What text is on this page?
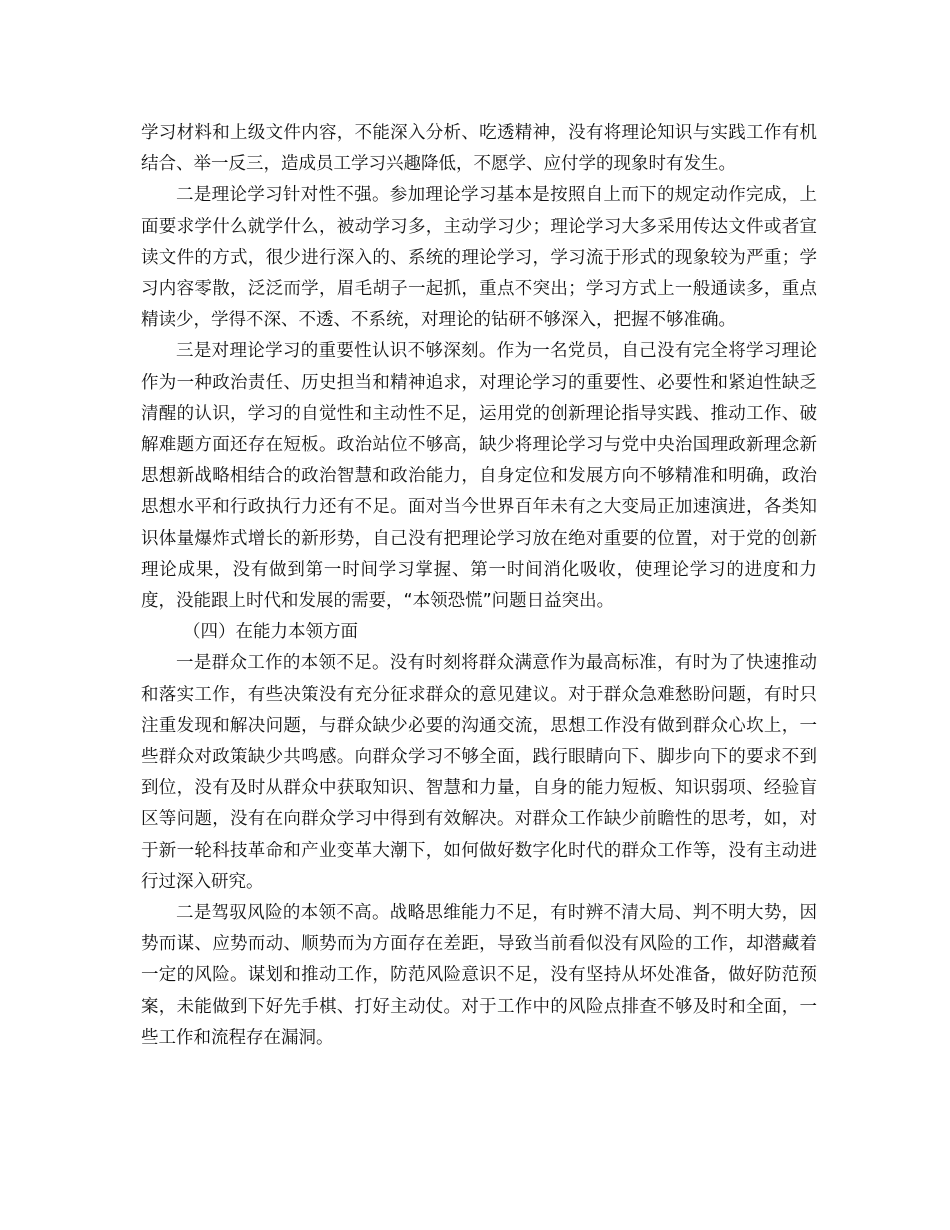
学习材料和上级文件内容，不能深入分析、吃透精神，没有将理论知识与实践工作有机结合、举一反三，造成员工学习兴趣降低，不愿学、应付学的现象时有发生。

二是理论学习针对性不强。参加理论学习基本是按照自上而下的规定动作完成，上面要求学什么就学什么，被动学习多，主动学习少；理论学习大多采用传达文件或者宣读文件的方式，很少进行深入的、系统的理论学习，学习流于形式的现象较为严重；学习内容零散，泛泛而学，眉毛胡子一起抓，重点不突出；学习方式上一般通读多，重点精读少，学得不深、不透、不系统，对理论的钻研不够深入，把握不够准确。

三是对理论学习的重要性认识不够深刻。作为一名党员，自己没有完全将学习理论作为一种政治责任、历史担当和精神追求，对理论学习的重要性、必要性和紧迫性缺乏清醒的认识，学习的自觉性和主动性不足，运用党的创新理论指导实践、推动工作、破解难题方面还存在短板。政治站位不够高，缺少将理论学习与党中央治国理政新理念新思想新战略相结合的政治智慧和政治能力，自身定位和发展方向不够精准和明确，政治思想水平和行政执行力还有不足。面对当今世界百年未有之大变局正加速演进，各类知识体量爆炸式增长的新形势，自己没有把理论学习放在绝对重要的位置，对于党的创新理论成果，没有做到第一时间学习掌握、第一时间消化吸收，使理论学习的进度和力度，没能跟上时代和发展的需要，“本领恐慌”问题日益突出。

（四）在能力本领方面

一是群众工作的本领不足。没有时刻将群众满意作为最高标准，有时为了快速推动和落实工作，有些决策没有充分征求群众的意见建议。对于群众急难愁盼问题，有时只注重发现和解决问题，与群众缺少必要的沟通交流，思想工作没有做到群众心坎上，一些群众对政策缺少共鸣感。向群众学习不够全面，践行眼睛向下、脚步向下的要求不到到位，没有及时从群众中获取知识、智慧和力量，自身的能力短板、知识弱项、经验盲区等问题，没有在向群众学习中得到有效解决。对群众工作缺少前瞻性的思考，如，对于新一轮科技革命和产业变革大潮下，如何做好数字化时代的群众工作等，没有主动进行过深入研究。

二是驾驭风险的本领不高。战略思维能力不足，有时辨不清大局、判不明大势，因势而谋、应势而动、顺势而为方面存在差距，导致当前看似没有风险的工作，却潜藏着一定的风险。谋划和推动工作，防范风险意识不足，没有坚持从坏处准备，做好防范预案，未能做到下好先手棋、打好主动仗。对于工作中的风险点排查不够及时和全面，一些工作和流程存在漏洞。
